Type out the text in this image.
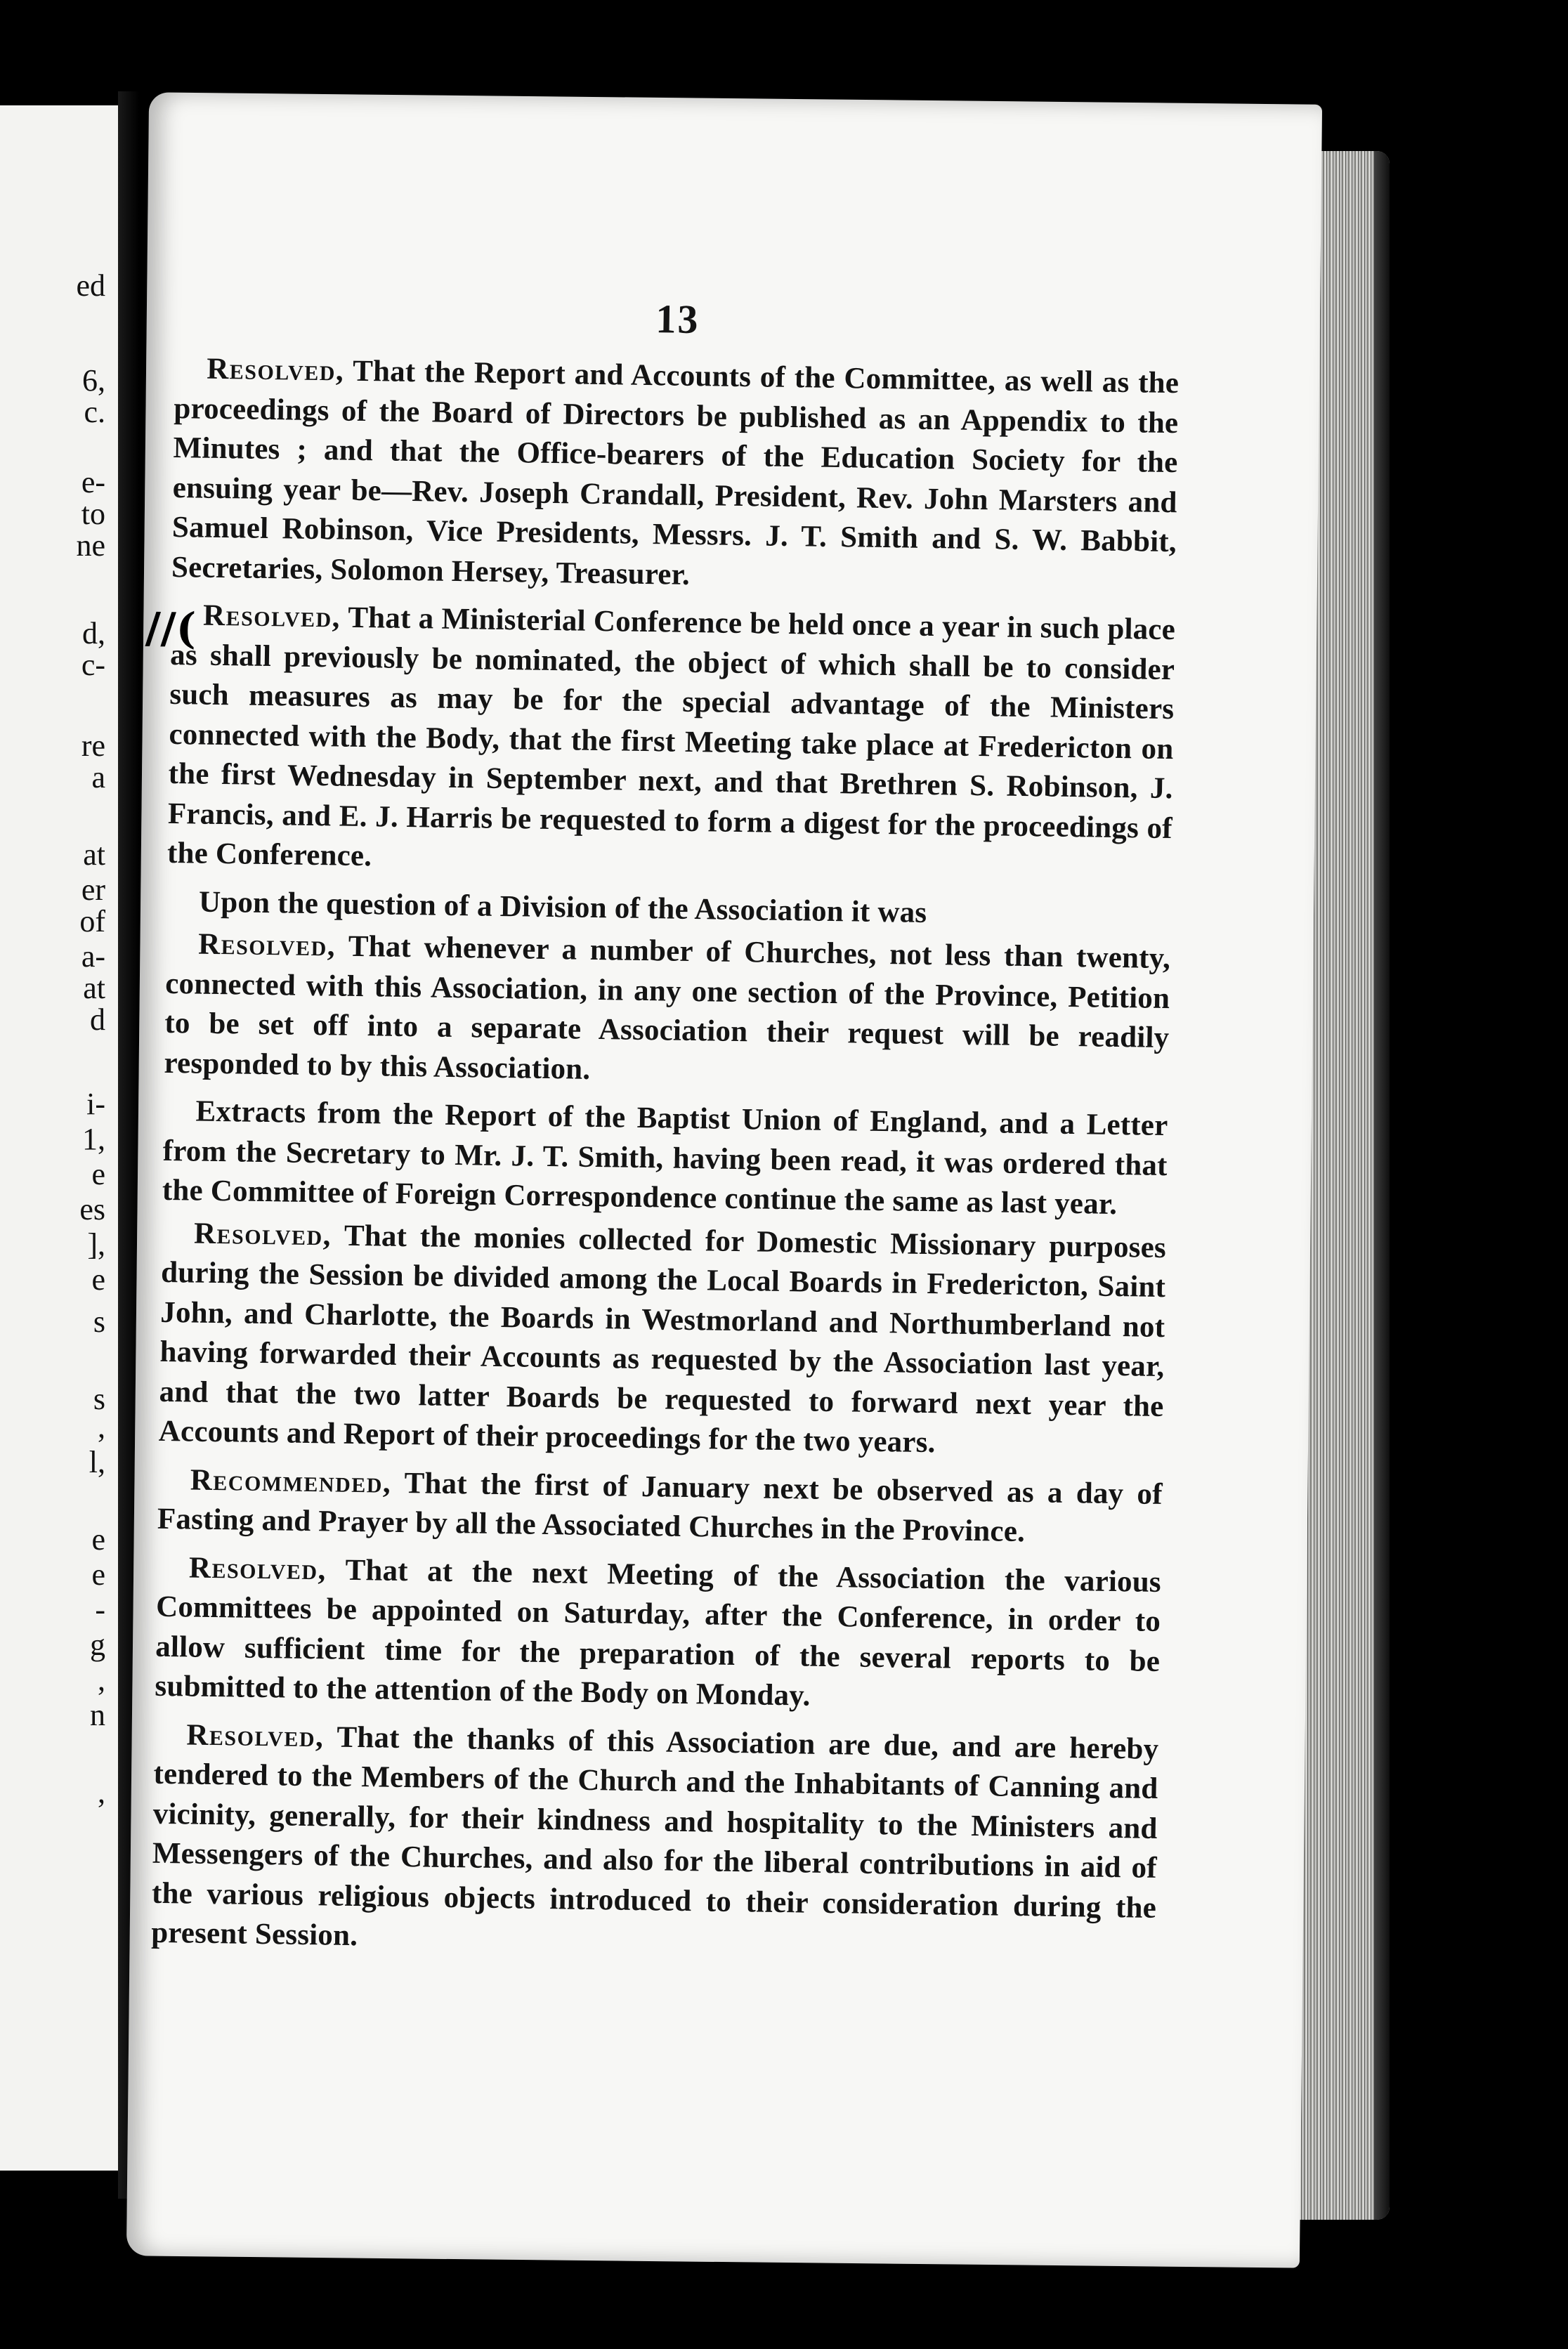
ed
6,
c.
e-
to
ne
d,
c-
re
a
at
er
of
a-
at
d
i-
1,
e
es
],
e
s
s
,
l,
e
e
-
g
,
n
,
//(
13

Resolved, That the Report and Accounts of the Committee, as well as the proceedings of the Board of Directors be published as an Appendix to the Minutes ; and that the Office-bearers of the Education Society for the ensuing year be—Rev. Joseph Crandall, President, Rev. John Marsters and Samuel Robinson, Vice Presidents, Messrs. J. T. Smith and S. W. Babbit, Secretaries, Solomon Hersey, Treasurer.

Resolved, That a Ministerial Conference be held once a year in such place as shall previously be nominated, the object of which shall be to consider such measures as may be for the special advantage of the Ministers connected with the Body, that the first Meeting take place at Fredericton on the first Wednesday in September next, and that Brethren S. Robinson, J. Francis, and E. J. Harris be requested to form a digest for the proceedings of the Conference.

Upon the question of a Division of the Association it was

Resolved, That whenever a number of Churches, not less than twenty, connected with this Association, in any one section of the Province, Petition to be set off into a separate Association their request will be readily responded to by this Association.

Extracts from the Report of the Baptist Union of England, and a Letter from the Secretary to Mr. J. T. Smith, having been read, it was ordered that the Committee of Foreign Correspondence continue the same as last year.

Resolved, That the monies collected for Domestic Missionary purposes during the Session be divided among the Local Boards in Fredericton, Saint John, and Charlotte, the Boards in Westmorland and Northumberland not having forwarded their Accounts as requested by the Association last year, and that the two latter Boards be requested to forward next year the Accounts and Report of their proceedings for the two years.

Recommended, That the first of January next be observed as a day of Fasting and Prayer by all the Associated Churches in the Province.

Resolved, That at the next Meeting of the Association the various Committees be appointed on Saturday, after the Conference, in order to allow sufficient time for the preparation of the several reports to be submitted to the attention of the Body on Monday.

Resolved, That the thanks of this Association are due, and are hereby tendered to the Members of the Church and the Inhabitants of Canning and vicinity, generally, for their kindness and hospitality to the Ministers and Messengers of the Churches, and also for the liberal contributions in aid of the various religious objects introduced to their consideration during the present Session.
